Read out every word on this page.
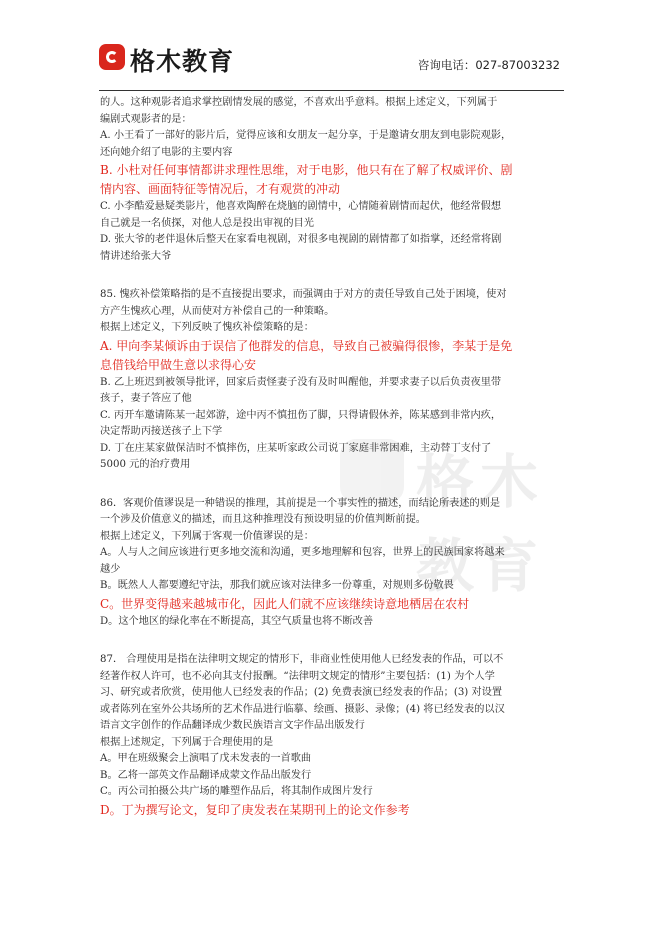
格木教育	咨询电话：027-87003232
格木教育

的人。这种观影者追求掌控剧情发展的感觉，不喜欢出乎意料。根据上述定义，下列属于

编剧式观影者的是：

A. 小王看了一部好的影片后，觉得应该和女朋友一起分享，于是邀请女朋友到电影院观影，

还向她介绍了电影的主要内容

B. 小杜对任何事情都讲求理性思维，对于电影，他只有在了解了权威评价、剧

情内容、画面特征等情况后，才有观赏的冲动

C. 小李酷爱悬疑类影片，他喜欢陶醉在烧脑的剧情中，心情随着剧情而起伏，他经常假想

自己就是一名侦探，对他人总是投出审视的目光

D. 张大爷的老伴退休后整天在家看电视剧，对很多电视剧的剧情都了如指掌，还经常将剧

情讲述给张大爷

85. 愧疚补偿策略指的是不直接提出要求，而强调由于对方的责任导致自己处于困境，使对

方产生愧疚心理，从而使对方补偿自己的一种策略。

根据上述定义，下列反映了愧疚补偿策略的是：

A. 甲向李某倾诉由于误信了他群发的信息，导致自己被骗得很惨，李某于是免

息借钱给甲做生意以求得心安

B. 乙上班迟到被领导批评，回家后责怪妻子没有及时叫醒他，并要求妻子以后负责夜里带

孩子，妻子答应了他

C. 丙开车邀请陈某一起郊游，途中丙不慎扭伤了脚，只得请假休养，陈某感到非常内疚，

决定帮助丙接送孩子上下学

D. 丁在庄某家做保洁时不慎摔伤，庄某听家政公司说丁家庭非常困难，主动替丁支付了

5000 元的治疗费用

86．客观价值谬误是一种错误的推理，其前提是一个事实性的描述，而结论所表述的则是

一个涉及价值意义的描述，而且这种推理没有预设明显的价值判断前提。

根据上述定义，下列属于客观一价值谬误的是：

A。人与人之间应该进行更多地交流和沟通，更多地理解和包容，世界上的民族国家将越来

越少

B。既然人人都要遵纪守法，那我们就应该对法律多一份尊重，对规则多份敬畏

C。世界变得越来越城市化，因此人们就不应该继续诗意地栖居在农村

D。这个地区的绿化率在不断提高，其空气质量也将不断改善

87． 合理使用是指在法律明文规定的情形下，非商业性使用他人已经发表的作品，可以不

经著作权人许可，也不必向其支付报酬。“法律明文规定的情形”主要包括：(1) 为个人学

习、研究或者欣赏，使用他人已经发表的作品；(2) 免费表演已经发表的作品；(3) 对设置

或者陈列在室外公共场所的艺术作品进行临摹、绘画、摄影、录像；(4) 将已经发表的以汉

语言文字创作的作品翻译成少数民族语言文字作品出版发行

根据上述规定，下列属于合理使用的是

A。甲在班级聚会上演唱了戊未发表的一首歌曲

B。乙将一部英文作品翻译成蒙文作品出版发行

C。丙公司拍摄公共广场的雕塑作品后，将其制作成图片发行

D。丁为撰写论文，复印了庚发表在某期刊上的论文作参考
